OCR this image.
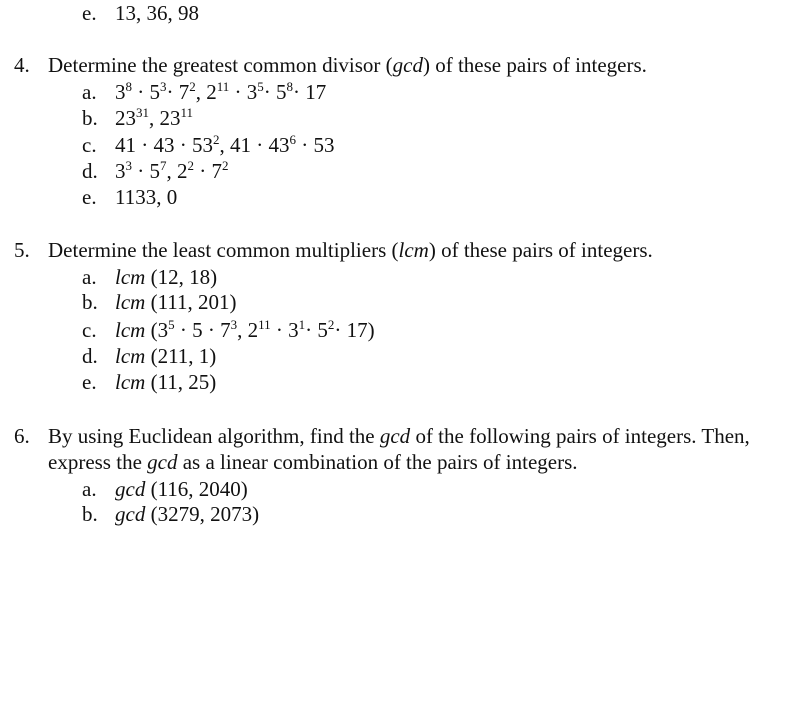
e. 13, 36, 98
4. Determine the greatest common divisor (gcd) of these pairs of integers.
a. $3^8 \cdot 5^3\cdot 7^2$, $2^{11} \cdot 3^5\cdot 5^8\cdot 17$
b. $23^{31}$, $23^{11}$
c. $41 \cdot 43 \cdot 53^2$, $41 \cdot 43^6 \cdot 53$
d. $3^3 \cdot 5^7$, $2^2 \cdot 7^2$
e. 1133, 0
5. Determine the least common multipliers (lcm) of these pairs of integers.
a. lcm (12, 18)
b. lcm (111, 201)
c. lcm ($3^5 \cdot 5 \cdot 7^3$, $2^{11} \cdot 3^1\cdot 5^2\cdot 17$)
d. lcm (211, 1)
e. lcm (11, 25)
6. By using Euclidean algorithm, find the gcd of the following pairs of integers. Then,
express the gcd as a linear combination of the pairs of integers.
a. gcd (116, 2040)
b. gcd (3279, 2073)
